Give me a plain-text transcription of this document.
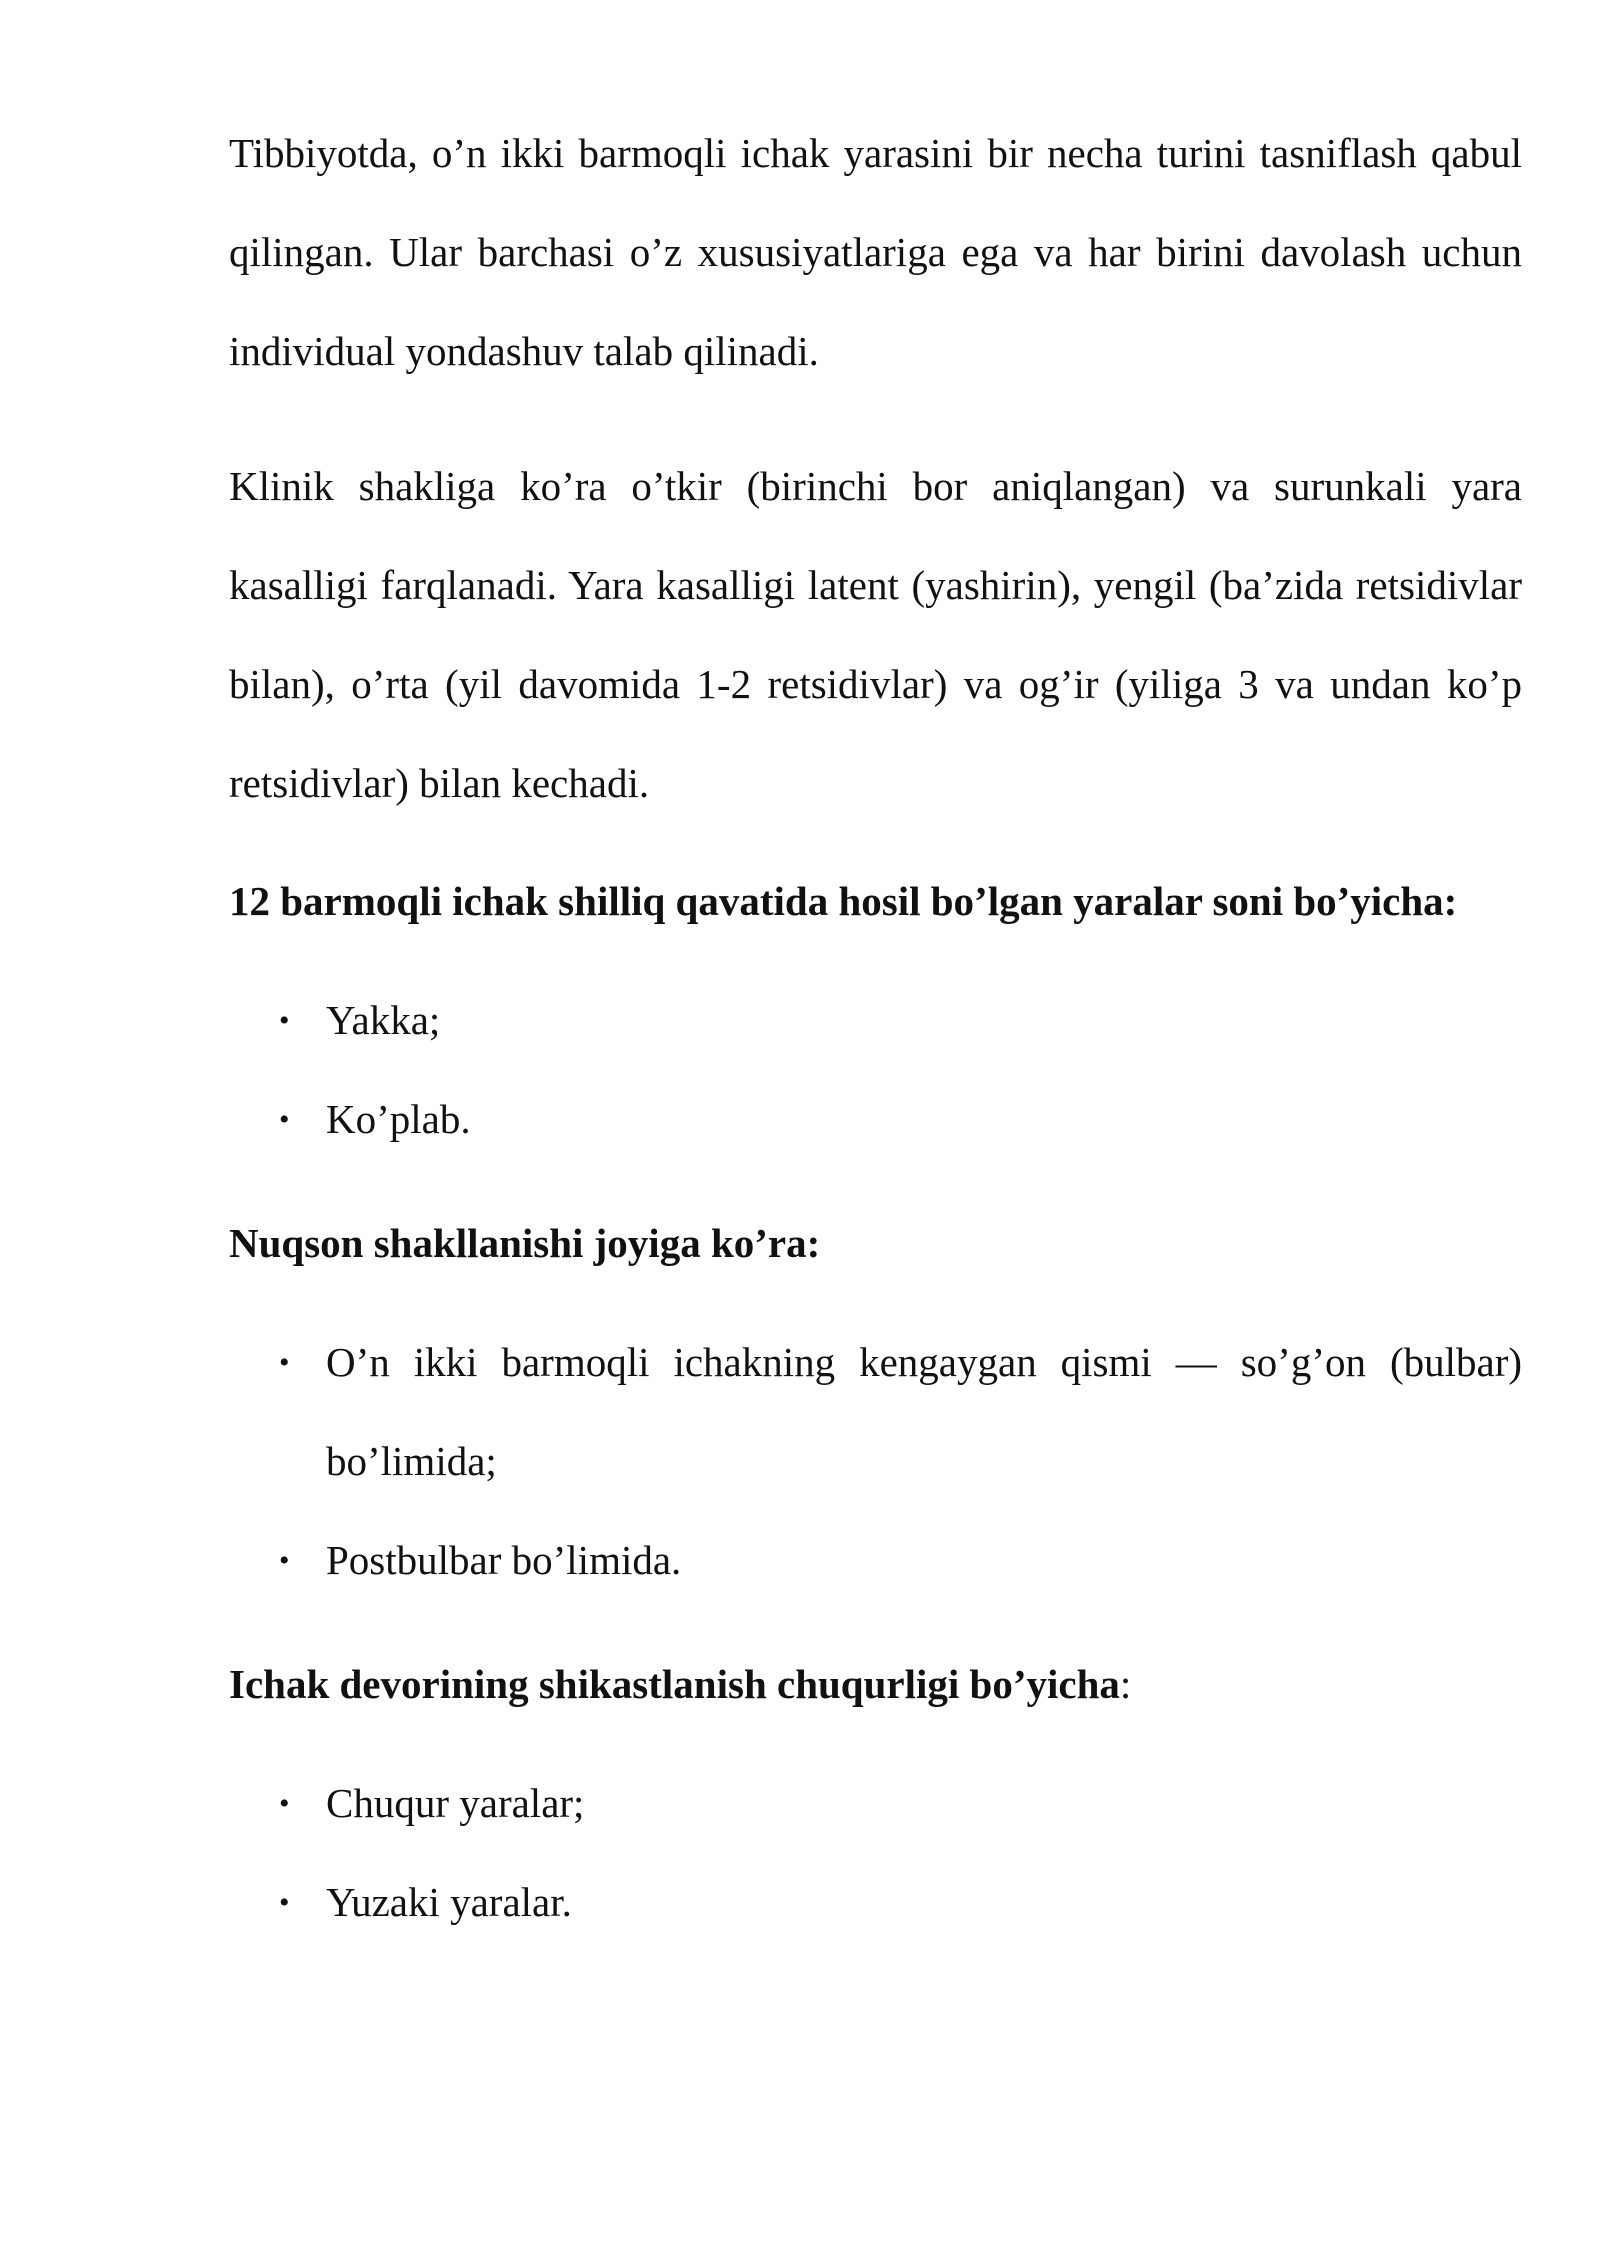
Tibbiyotda, o’n ikki barmoqli ichak yarasini bir necha turini tasniflash qabul qilingan. Ular barchasi o’z xususiyatlariga ega va har birini davolash uchun individual yondashuv talab qilinadi.

Klinik shakliga ko’ra o’tkir (birinchi bor aniqlangan) va surunkali yara kasalligi farqlanadi. Yara kasalligi latent (yashirin), yengil (ba’zida retsidivlar bilan), o’rta (yil davomida 1-2 retsidivlar) va og’ir (yiliga 3 va undan ko’p retsidivlar) bilan kechadi.

12 barmoqli ichak shilliq qavatida hosil bo’lgan yaralar soni bo’yicha:

• Yakka;
• Ko’plab.

Nuqson shakllanishi joyiga ko’ra:

• O’n ikki barmoqli ichakning kengaygan qismi — so’g’on (bulbar) bo’limida;
• Postbulbar bo’limida.

Ichak devorining shikastlanish chuqurligi bo’yicha:

• Chuqur yaralar;
• Yuzaki yaralar.
